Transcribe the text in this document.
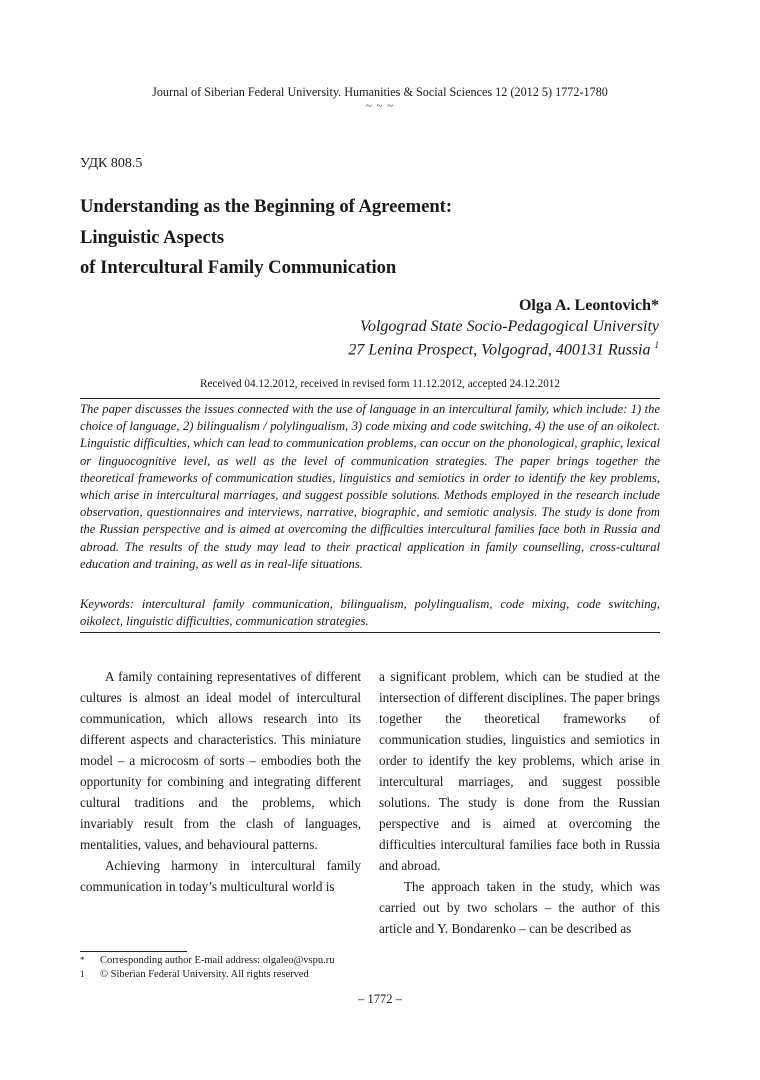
Journal of Siberian Federal University. Humanities & Social Sciences 12 (2012 5) 1772-1780
~ ~ ~
УДК 808.5
Understanding as the Beginning of Agreement:
Linguistic Aspects
of Intercultural Family Communication
Olga A. Leontovich*
Volgograd State Socio-Pedagogical University
27 Lenina Prospect, Volgograd, 400131 Russia $^1$
Received 04.12.2012, received in revised form 11.12.2012, accepted 24.12.2012
The paper discusses the issues connected with the use of language in an intercultural family, which include: 1) the choice of language, 2) bilingualism / polylingualism, 3) code mixing and code switching, 4) the use of an oikolect. Linguistic difficulties, which can lead to communication problems, can occur on the phonological, graphic, lexical or linguocognitive level, as well as the level of communication strategies. The paper brings together the theoretical frameworks of communication studies, linguistics and semiotics in order to identify the key problems, which arise in intercultural marriages, and suggest possible solutions. Methods employed in the research include observation, questionnaires and interviews, narrative, biographic, and semiotic analysis. The study is done from the Russian perspective and is aimed at overcoming the difficulties intercultural families face both in Russia and abroad. The results of the study may lead to their practical application in family counselling, cross-cultural education and training, as well as in real-life situations.
Keywords: intercultural family communication, bilingualism, polylingualism, code mixing, code switching, oikolect, linguistic difficulties, communication strategies.

A family containing representatives of different cultures is almost an ideal model of intercultural communication, which allows research into its different aspects and characteristics. This miniature model – a microcosm of sorts – embodies both the opportunity for combining and integrating different cultural traditions and the problems, which invariably result from the clash of languages, mentalities, values, and behavioural patterns.

Achieving harmony in intercultural family communication in today’s multicultural world is

a significant problem, which can be studied at the intersection of different disciplines. The paper brings together the theoretical frameworks of communication studies, linguistics and semiotics in order to identify the key problems, which arise in intercultural marriages, and suggest possible solutions. The study is done from the Russian perspective and is aimed at overcoming the difficulties intercultural families face both in Russia and abroad.

The approach taken in the study, which was carried out by two scholars – the author of this article and Y. Bondarenko – can be described as

* Corresponding author E-mail address: olgaleo@vspu.ru
1 © Siberian Federal University. All rights reserved
– 1772 –
